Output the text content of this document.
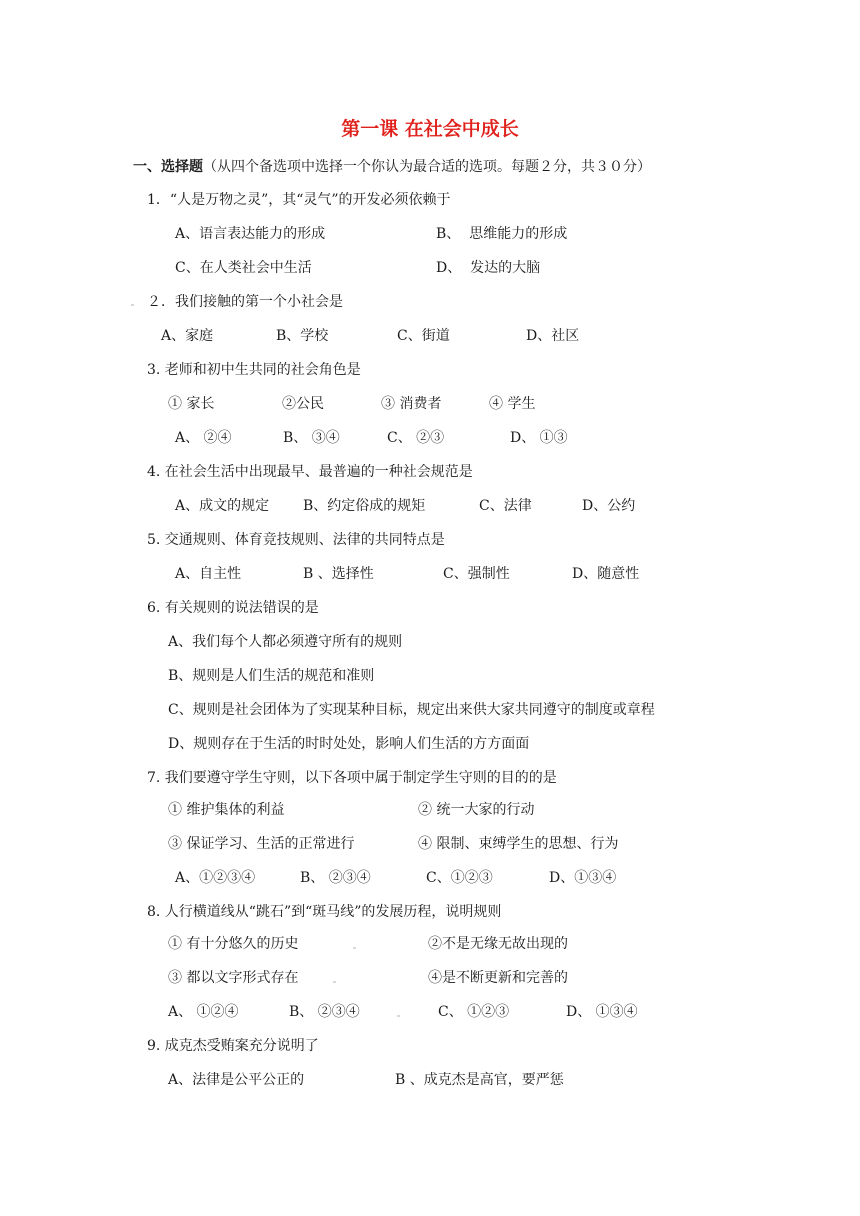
第一课 在社会中成长
一、选择题（从四个备选项中选择一个你认为最合适的选项。每题２分，共３０分）
1．“人是万物之灵”，其“灵气”的开发必须依赖于
A、语言表达能力的形成	B、  思维能力的形成
C、在人类社会中生活	D、  发达的大脑
２．我们接触的第一个小社会是
A、家庭	B、学校	C、街道	D、社区
3. 老师和初中生共同的社会角色是
① 家长	②公民	③ 消费者	④ 学生
A、 ②④	B、 ③④	C、 ②③	D、 ①③
4. 在社会生活中出现最早、最普遍的一种社会规范是
A、成文的规定 B、约定俗成的规矩	C、法律	D、公约
5. 交通规则、体育竞技规则、法律的共同特点是
A、自主性	B 、选择性	C、强制性	D、随意性
6. 有关规则的说法错误的是
A、我们每个人都必须遵守所有的规则
B、规则是人们生活的规范和准则
C、规则是社会团体为了实现某种目标，规定出来供大家共同遵守的制度或章程
D、规则存在于生活的时时处处，影响人们生活的方方面面
7. 我们要遵守学生守则，以下各项中属于制定学生守则的目的的是
① 维护集体的利益	② 统一大家的行动
③ 保证学习、生活的正常进行	④ 限制、束缚学生的思想、行为
A、①②③④	B、 ②③④	C、①②③	D、①③④
8. 人行横道线从“跳石”到“斑马线”的发展历程，说明规则
① 有十分悠久的历史	②不是无缘无故出现的
③ 都以文字形式存在	④是不断更新和完善的
A、 ①②④	B、 ②③④	C、 ①②③	D、 ①③④
9. 成克杰受贿案充分说明了
A、法律是公平公正的	B 、成克杰是高官，要严惩
